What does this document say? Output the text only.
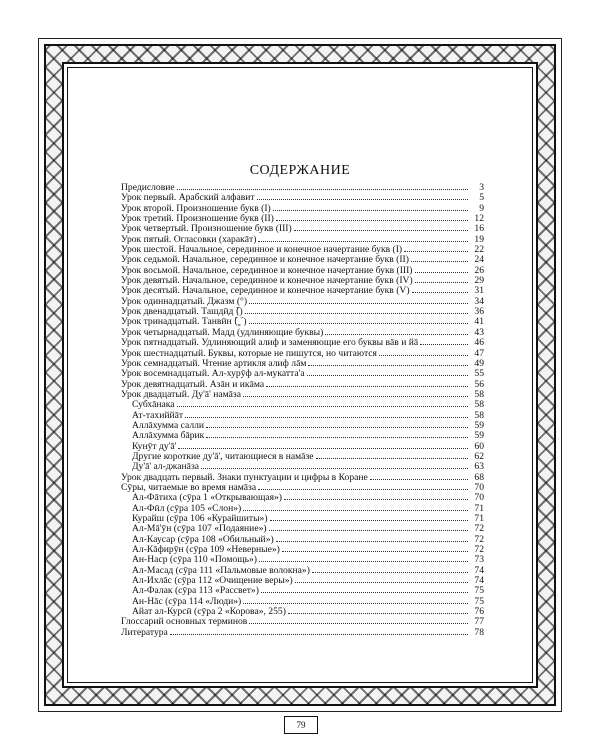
СОДЕРЖАНИЕ
Предисловие	3
Урок первый. Арабский алфавит	5
Урок второй. Произношение букв (I)	9
Урок третий. Произношение букв (II)	12
Урок четвертый. Произношение букв (III)	16
Урок пятый. Огласовки (харакāт)	19
Урок шестой. Начальное, серединное и конечное начертание букв (I)	22
Урок седьмой. Начальное, серединное и конечное начертание букв (II)	24
Урок восьмой. Начальное, серединное и конечное начертание букв (III)	26
Урок девятый. Начальное, серединное и конечное начертание букв (IV)	29
Урок десятый. Начальное, серединное и конечное начертание букв (V)	31
Урок одиннадцатый. Джазм (°)	34
Урок двенадцатый. Ташдӣд (ّ)	36
Урок тринадцатый. Танвӣн (ً ٍ ٌ)	41
Урок четырнадцатый. Мадд (удлиняющие буквы)	43
Урок пятнадцатый. Удлиняющий алиф и заменяющие его буквы вāв и йā	46
Урок шестнадцатый. Буквы, которые не пишутся, но читаются	47
Урок семнадцатый. Чтение артикля алиф лāм	49
Урок восемнадцатый. Ал-хурӯф ал-мукатта'а	55
Урок девятнадцатый. Азāн и икāма	56
Урок двадцатый. Ду'ā' намāза	58
Субхāнака	58
Ат-тахиййāт	58
Аллāхумма салли	59
Аллāхумма бāрик	59
Кунӯт ду'ā'	60
Другие короткие ду'ā', читающиеся в намāзе	62
Ду'ā' ал-джанāза	63
Урок двадцать первый. Знаки пунктуации и цифры в Коране	68
Сӯры, читаемые во время намāза	70
Ал-Фāтиха (сӯра 1 «Открывающая»)	70
Ал-Фӣл (сӯра 105 «Слон»)	71
Курайш (сӯра 106 «Курайшиты»)	71
Ал-Мā'ӯн (сӯра 107 «Подаяние»)	72
Ал-Каусар (сӯра 108 «Обильный»)	72
Ал-Кāфирӯн (сӯра 109 «Неверные»)	72
Ан-Наср (сӯра 110 «Помощь»)	73
Ал-Масад (сӯра 111 «Пальмовые волокна»)	74
Ал-Ихлāс (сӯра 112 «Очищение веры»)	74
Ал-Фалак (сӯра 113 «Рассвет»)	75
Ан-Нāс (сӯра 114 «Люди»)	75
Āйат ал-Курсӣ (сӯра 2 «Корова», 255)	76
Глоссарий основных терминов	77
Литература	78
79
